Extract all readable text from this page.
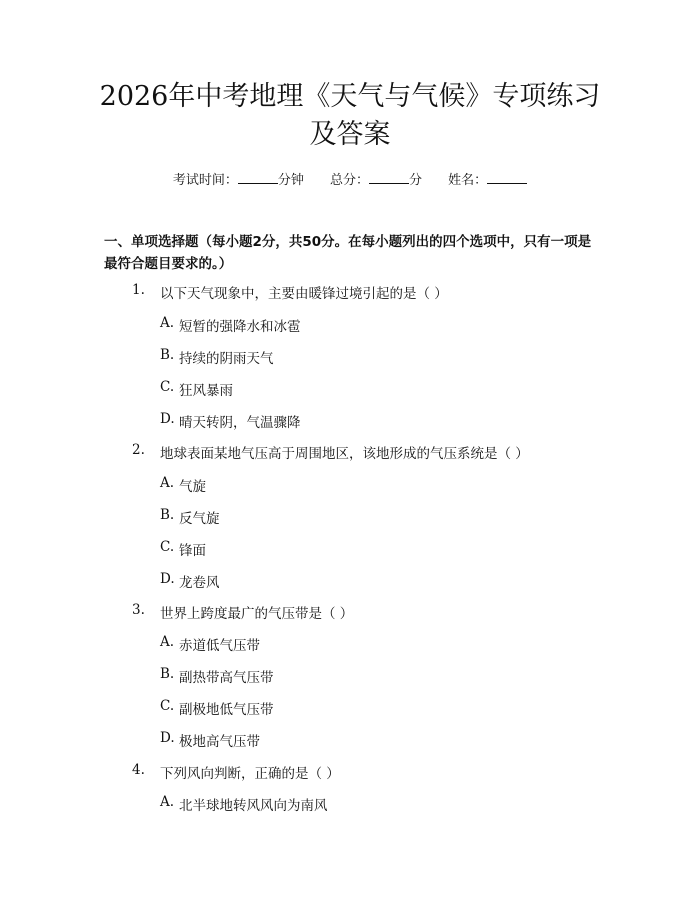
2026年中考地理《天气与气候》专项练习及答案
考试时间：	分钟 总分：	分 姓名：
一、单项选择题（每小题2分，共50分。在每小题列出的四个选项中，只有一项是最符合题目要求的。）
1. 以下天气现象中，主要由暖锋过境引起的是（ ）
A. 短暂的强降水和冰雹
B. 持续的阴雨天气
C. 狂风暴雨
D. 晴天转阴，气温骤降
2. 地球表面某地气压高于周围地区，该地形成的气压系统是（ ）
A. 气旋
B. 反气旋
C. 锋面
D. 龙卷风
3. 世界上跨度最广的气压带是（ ）
A. 赤道低气压带
B. 副热带高气压带
C. 副极地低气压带
D. 极地高气压带
4. 下列风向判断，正确的是（ ）
A. 北半球地转风风向为南风
